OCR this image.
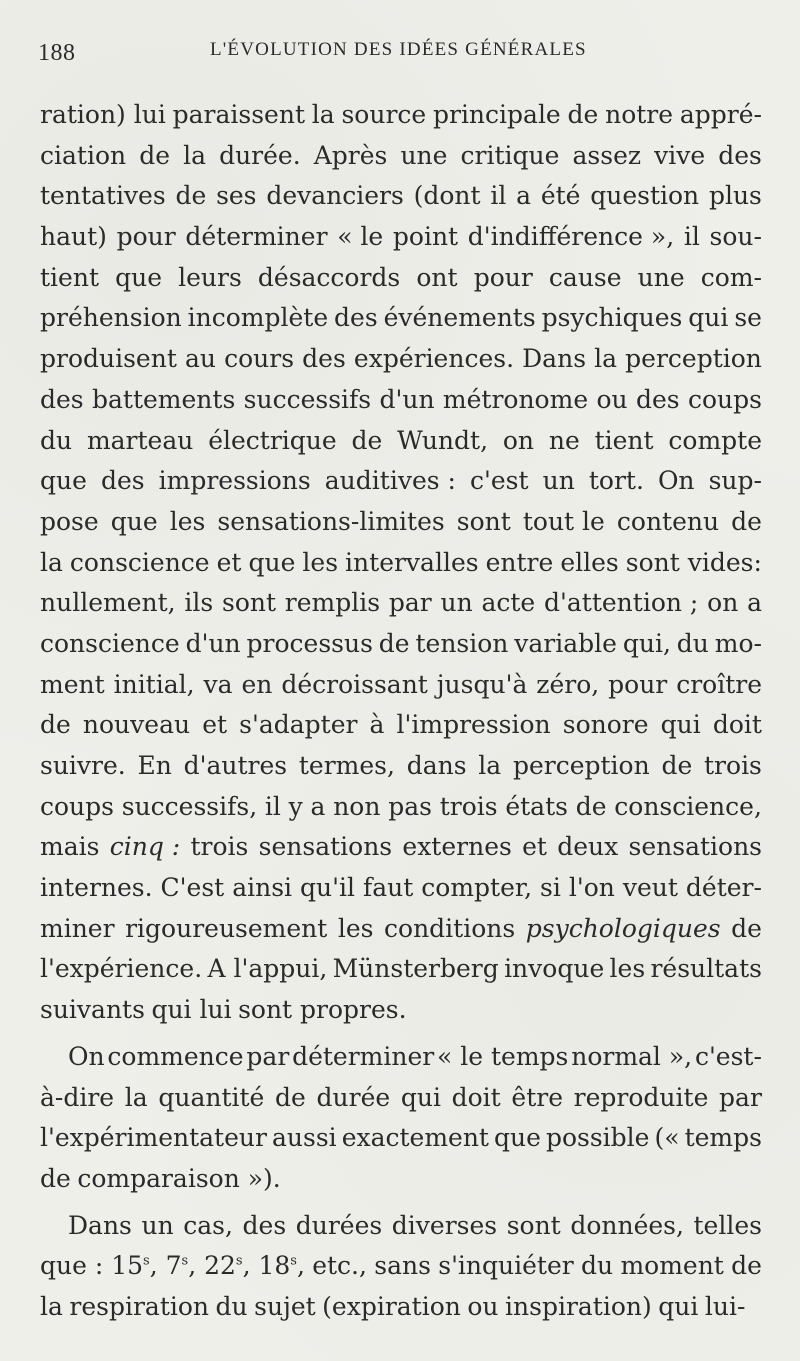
188	L'ÉVOLUTION DES IDÉES GÉNÉRALES
ration) lui paraissent la source principale de notre appré-
ciation de la durée. Après une critique assez vive des
tentatives de ses devanciers (dont il a été question plus
haut) pour déterminer « le point d'indifférence », il sou-
tient que leurs désaccords ont pour cause une com-
préhension incomplète des événements psychiques qui se
produisent au cours des expériences. Dans la perception
des battements successifs d'un métronome ou des coups
du marteau électrique de Wundt, on ne tient compte
que des impressions auditives : c'est un tort. On sup-
pose que les sensations-limites sont tout le contenu de
la conscience et que les intervalles entre elles sont vides:
nullement, ils sont remplis par un acte d'attention ; on a
conscience d'un processus de tension variable qui, du mo-
ment initial, va en décroissant jusqu'à zéro, pour croître
de nouveau et s'adapter à l'impression sonore qui doit
suivre. En d'autres termes, dans la perception de trois
coups successifs, il y a non pas trois états de conscience,
mais cinq : trois sensations externes et deux sensations
internes. C'est ainsi qu'il faut compter, si l'on veut déter-
miner rigoureusement les conditions psychologiques de
l'expérience. A l'appui, Münsterberg invoque les résultats
suivants qui lui sont propres.
On commence par déterminer « le temps normal », c'est-
à-dire la quantité de durée qui doit être reproduite par
l'expérimentateur aussi exactement que possible (« temps
de comparaison »).
Dans un cas, des durées diverses sont données, telles
que : 15$^s$, 7$^s$, 22$^s$, 18$^s$, etc., sans s'inquiéter du moment de
la respiration du sujet (expiration ou inspiration) qui lui-
